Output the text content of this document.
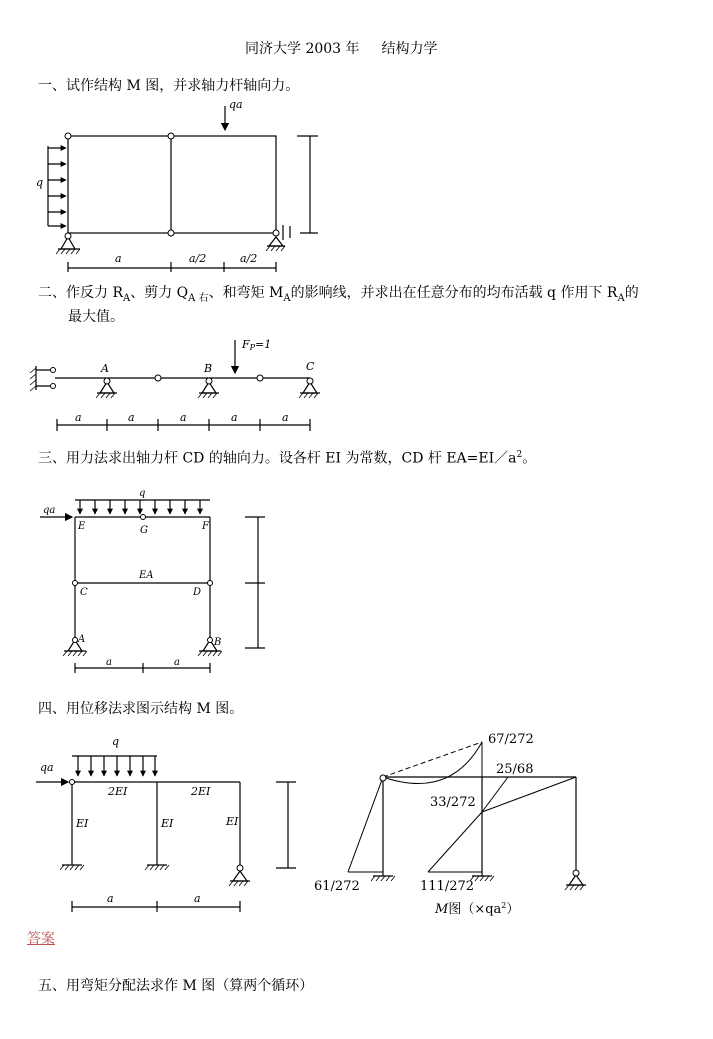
同济大学 2003 年 结构力学
一、试作结构 M 图，并求轴力杆轴向力。
二、作反力 $R_A$、剪力 $Q_{A 右}$、和弯矩 $M_A$的影响线，并求出在任意分布的均布活载 q 作用下 $R_A$的
最大值。
三、用力法求出轴力杆 CD 的轴向力。设各杆 EI 为常数，CD 杆 $EA=EI/a^2$。
四、用位移法求图示结构 M 图。
答案
五、用弯矩分配法求作 M 图（算两个循环）
qa
q
a	a/2	a/2
A	B	C
FP=1
a	a	a	a	a
q
qa
E	F
G
EA
C	D
A	B
a	a
q
qa
2EI	2EI
EI	EI	EI
a	a
67/272
25/68
33/272
61/272	111/272
M图$(\times qa^2)$
